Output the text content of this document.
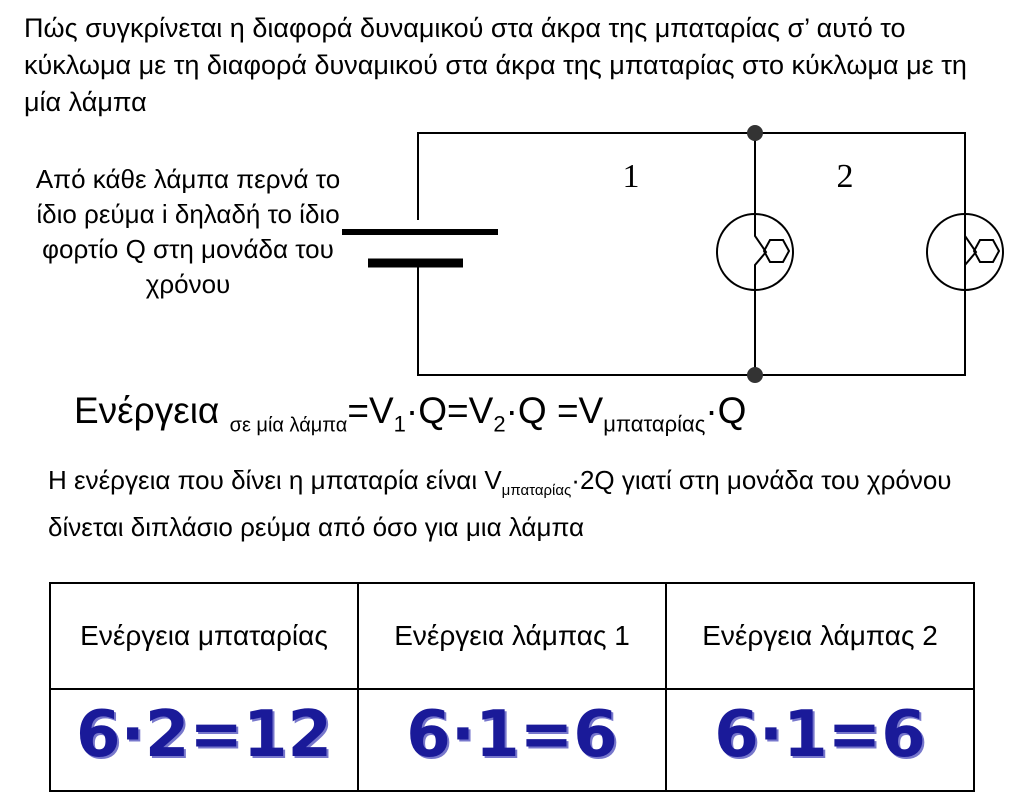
Πώς συγκρίνεται η διαφορά δυναμικού στα άκρα της μπαταρίας σ’ αυτό το κύκλωμα με τη διαφορά δυναμικού στα άκρα της μπαταρίας στο κύκλωμα με τη μία λάμπα
Από κάθε λάμπα περνά το ίδιο ρεύμα i δηλαδή το ίδιο φορτίο Q στη μονάδα του χρόνου
1	2
Ενέργεια $_{\sigma\varepsilon \mu ί\alpha \lambda ά\mu\pi\alpha}=V_1\cdot Q=V_2\cdot Q =V_{\mu\pi\alpha\tau\alpha\rho ί\alpha\varsigma}\cdot Q$
Η ενέργεια που δίνει η μπαταρία είναι $V_{\mu\pi\alpha\tau\alpha\rho ί\alpha\varsigma}\cdot 2Q$ γιατί στη μονάδα του χρόνου δίνεται διπλάσιο ρεύμα από όσο για μια λάμπα
Ενέργεια μπαταρίας	Ενέργεια λάμπας 1	Ενέργεια λάμπας 2
6·2=12	6·1=6	6·1=6
